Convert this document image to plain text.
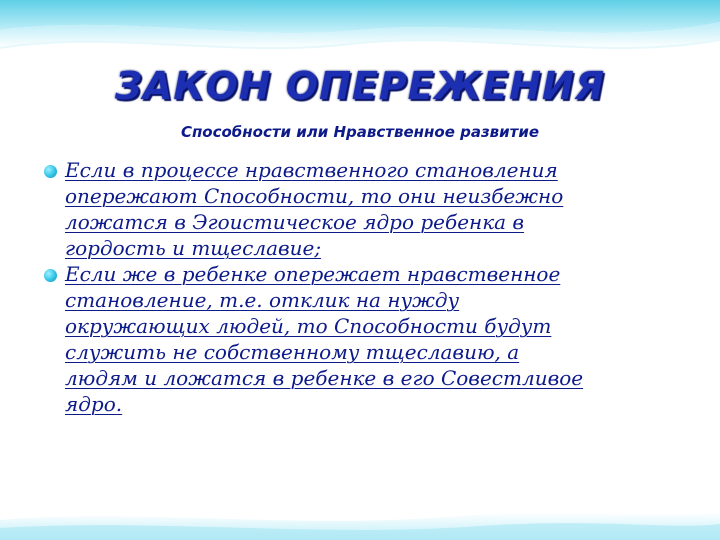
ЗАКОН ОПЕРЕЖЕНИЯ
Способности или Нравственное развитие
Если в процессе нравственного становления
опережают Способности, то они неизбежно
ложатся в Эгоистическое ядро ребенка в
гордость и тщеславие;
Если же в ребенке опережает нравственное
становление, т.е. отклик на нужду
окружающих людей, то Способности будут
служить не собственному тщеславию, а
людям и ложатся в ребенке в его Совестливое
ядро.
